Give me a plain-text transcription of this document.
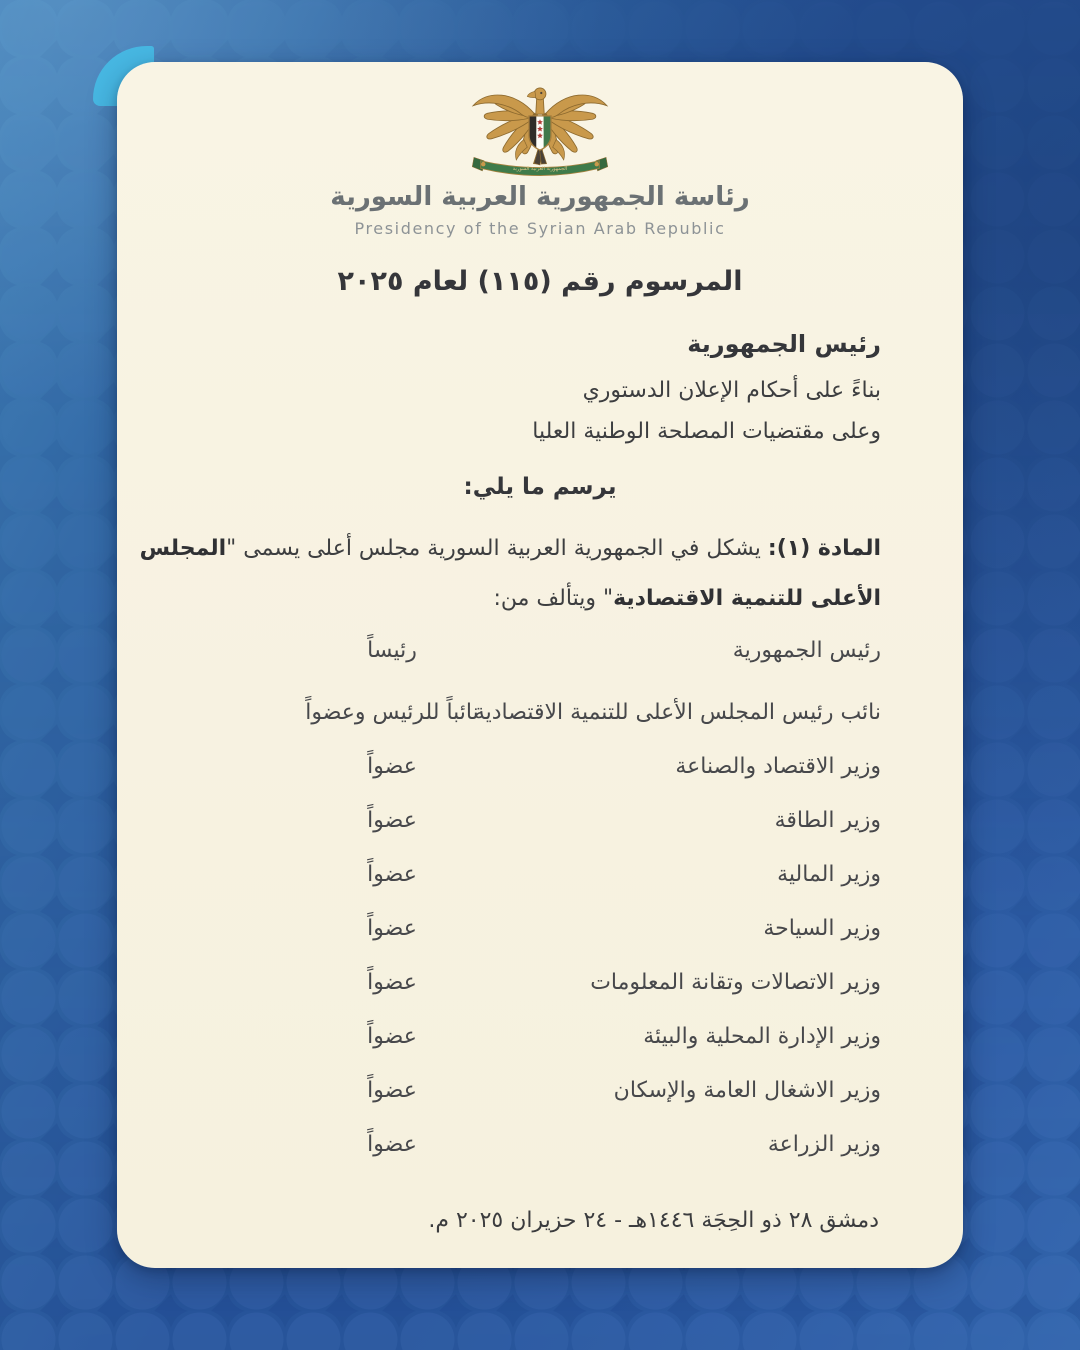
الجمهورية العربية السورية
رئاسة الجمهورية العربية السورية
Presidency of the Syrian Arab Republic
المرسوم رقم (١١٥) لعام ٢٠٢٥
رئيس الجمهورية
بناءً على أحكام الإعلان الدستوري
وعلى مقتضيات المصلحة الوطنية العليا
يرسم ما يلي:
المادة (١): يشكل في الجمهورية العربية السورية مجلس أعلى يسمى "المجلس
الأعلى للتنمية الاقتصادية" ويتألف من:
رئيس الجمهورية
رئيساً
نائب رئيس المجلس الأعلى للتنمية الاقتصادية
نائباً للرئيس وعضواً
وزير الاقتصاد والصناعة
عضواً
وزير الطاقة
عضواً
وزير المالية
عضواً
وزير السياحة
عضواً
وزير الاتصالات وتقانة المعلومات
عضواً
وزير الإدارة المحلية والبيئة
عضواً
وزير الاشغال العامة والإسكان
عضواً
وزير الزراعة
عضواً
دمشق ٢٨ ذو الحِجَة ١٤٤٦هـ - ٢٤ حزيران ٢٠٢٥ م.
